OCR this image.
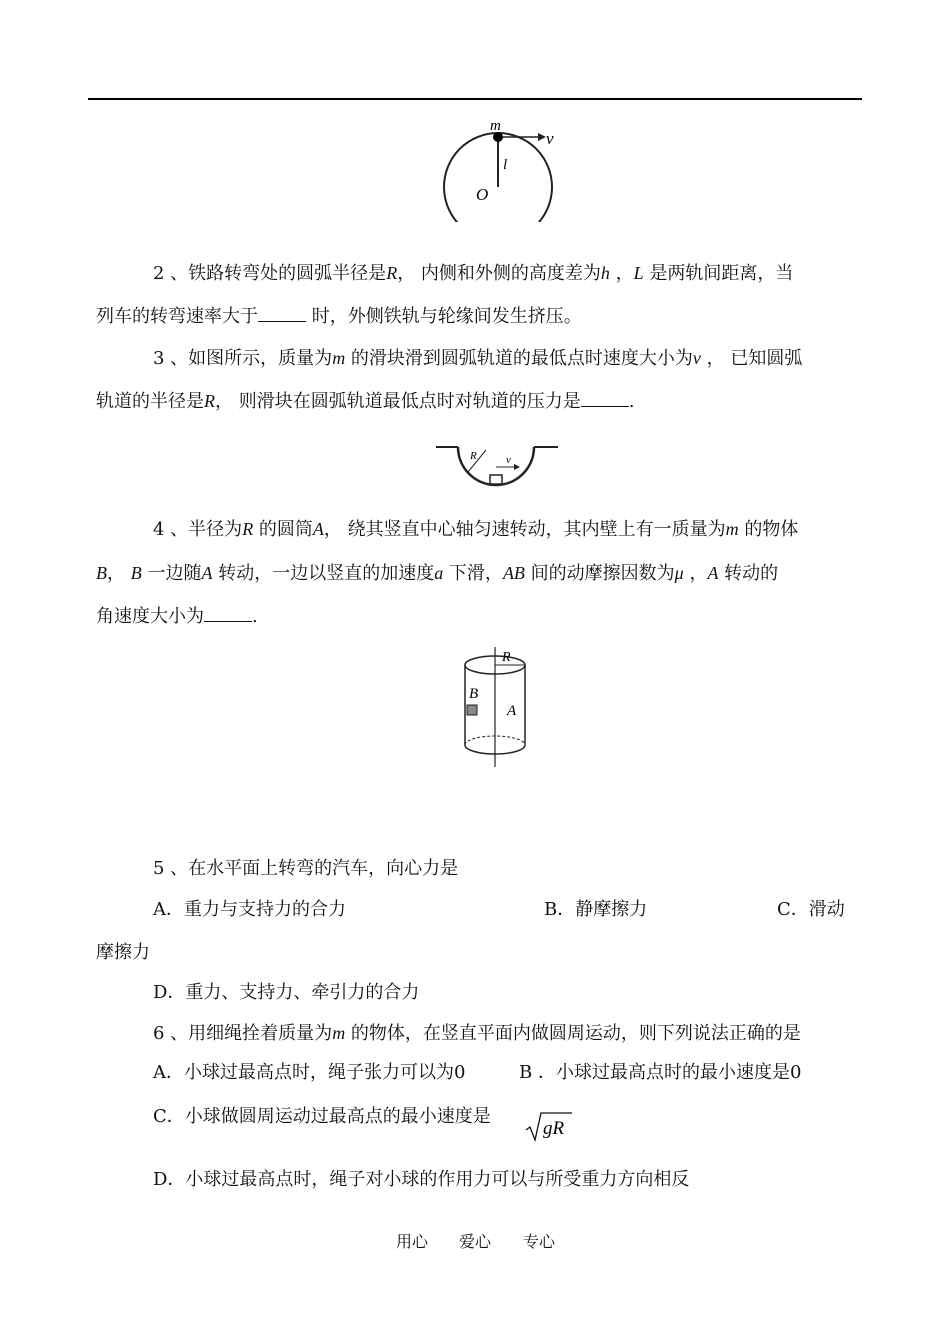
m
v
l
O
2 、铁路转弯处的圆弧半径是R， 内侧和外侧的高度差为h ，L 是两轨间距离，当
列车的转弯速率大于	时，外侧铁轨与轮缘间发生挤压。
3 、如图所示，质量为m 的滑块滑到圆弧轨道的最低点时速度大小为v ， 已知圆弧
轨道的半径是R， 则滑块在圆弧轨道最低点时对轨道的压力是	.
R	v
4 、半径为R 的圆筒A， 绕其竖直中心轴匀速转动，其内壁上有一质量为m 的物体
B， B 一边随A 转动，一边以竖直的加速度a 下滑，AB 间的动摩擦因数为μ ，A 转动的
角速度大小为	.
R
B
A
5 、在水平面上转弯的汽车，向心力是
A．重力与支持力的合力	B．静摩擦力	C．滑动
摩擦力
D．重力、支持力、牵引力的合力
6 、用细绳拴着质量为m 的物体，在竖直平面内做圆周运动，则下列说法正确的是
A．小球过最高点时，绳子张力可以为0	B ．小球过最高点时的最小速度是0
C．小球做圆周运动过最高点的最小速度是
gR
D．小球过最高点时，绳子对小球的作用力可以与所受重力方向相反
用心 爱心 专心
